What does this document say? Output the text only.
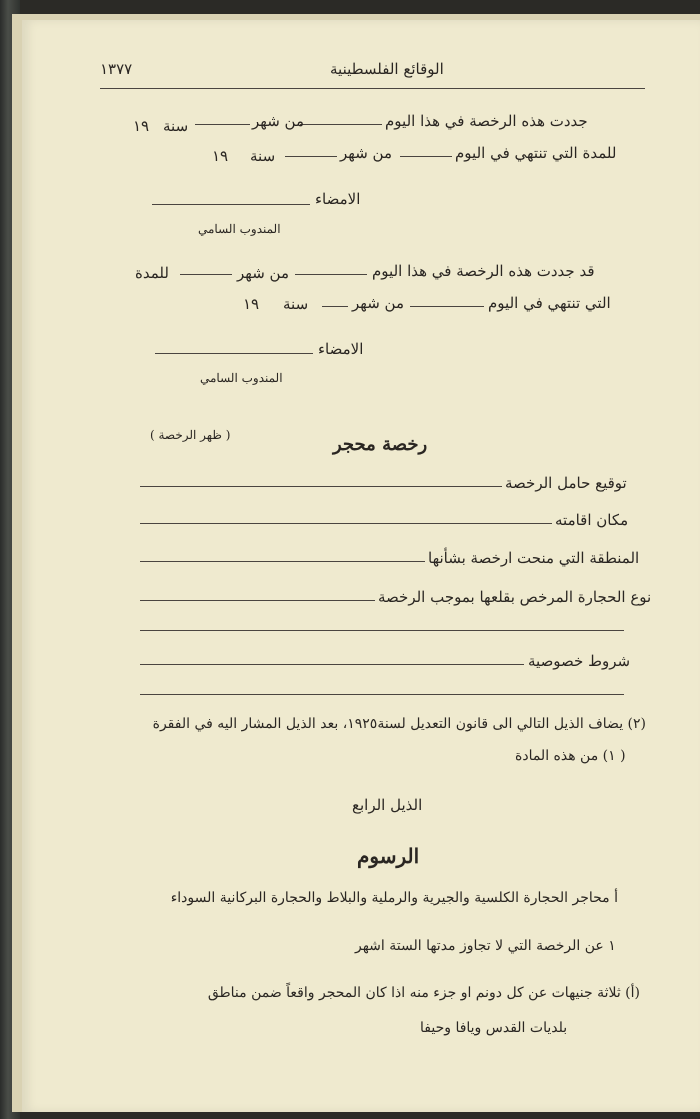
الوقائع الفلسطينية
١٣٧٧
جددت هذه الرخصة في هذا اليوم
من شهر
سنة
١٩
للمدة التي تنتهي في اليوم
من شهر
سنة
١٩
الامضاء
المندوب السامي
قد جددت هذه الرخصة في هذا اليوم
من شهر
للمدة
التي تنتهي في اليوم
من شهر
سنة
١٩
الامضاء
المندوب السامي
( ظهر الرخصة )	رخصة محجر
توقيع حامل الرخصة
مكان اقامته
المنطقة التي منحت ارخصة بشأنها
نوع الحجارة المرخص بقلعها بموجب الرخصة
شروط خصوصية
(٢) يضاف الذيل التالي الى قانون التعديل لسنة١٩٢٥، بعد الذيل المشار اليه في الفقرة
( ١) من هذه المادة
الذيل الرابع
الرسوم
أ محاجر الحجارة الكلسية والجيرية والرملية والبلاط والحجارة البركانية السوداء
١ عن الرخصة التي لا تجاوز مدتها الستة اشهر
(أ) ثلاثة جنيهات عن كل دونم او جزء منه اذا كان المحجر واقعاً ضمن مناطق
بلديات القدس ويافا وحيفا
